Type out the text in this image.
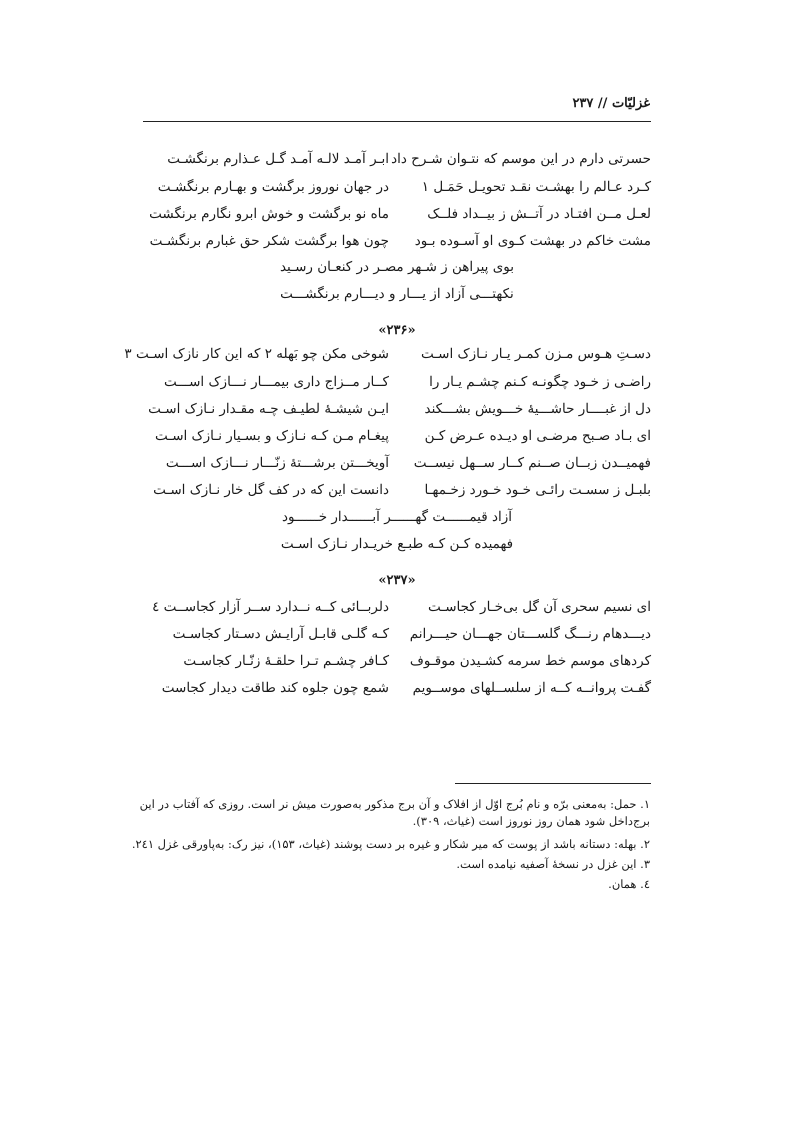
غزلیّات // ۲۳۷
حسرتی دارم در این موسم که نتـوان شـرح داد
ابـر آمـد لالـه آمـد گـل عـذارم برنگشـت
کـرد عـالم را بهشـت نقـد تحویـل حَمَـل ۱
در جهان نوروز برگشت و بهـارم برنگشـت
لعـل مــن افتـاد در آتــش ز بیــداد فلــک
ماه نو برگشت و خوش ابرو نگارم برنگشت
مشت خاکم در بهشت کـوی او آسـوده بـود
چون هوا برگشت شکر حق غبارم برنگشـت
بوی پیراهن ز شـهر مصـر در کنعـان رسـید
نکهتـــی آزاد از یـــار و دیـــارم برنگشـــت
«۲۳۶»
دسـتِ هـوس مـزن کمـر یـار نـازک اسـت
شوخی مکن چو بَهله ۲ که این کار نازک اسـت ۳
راضـی ز خـود چگونـه کـنم چشـم یـار را
کــار مــزاج داری بیمـــار نـــازک اســـت
دل از غبــــار حاشـــیهٔ خـــویش بشـــکند
ایـن شیشـهٔ لطیـف چـه مقـدار نـازک اسـت
ای بـاد صـبح مرضـی او دیـده عـرض کـن
پیغـام مـن کـه نـازک و بسـیار نـازک اسـت
فهمیــدن زبــان صــنم کــار ســهل نیســت
آویخـــتن برشـــتهٔ زنّـــار نـــازک اســـت
بلبـل ز سسـت رائـی خـود خـورد زخـمهـا
دانست این که در کف گل خار نـازک اسـت
آزاد قیمــــــت گهــــــر آبــــــدار خــــــود
فهمیده کـن کـه طبـع خریـدار نـازک اسـت
«۲۳۷»
ای نسیم سحری آن گل بی‌خـار کجاسـت
دلربــائی کــه نــدارد ســر آزار کجاســت ٤
دیـــدهام رنـــگ گلســـتان جهـــان حیـــرانم
کـه گلـی قابـل آرایـش دسـتار کجاسـت
کردهای موسم خط سرمه کشـیدن موقـوف
کـافر چشـم تـرا حلقـهٔ زنّـار کجاسـت
گفـت پروانــه کــه از سلســلهای موســویم
شمع چون جلوه کند طاقت دیدار کجاست
۱. حمل: به‌معنی برّه و نام بُرج اوّل از افلاک و آن برج مذکور به‌صورت میش نر است. روزی که آفتاب در این برج
داخل شود همان روز نوروز است (غیاث، ۳۰۹).
۲. بهله: دستانه باشد از پوست که میر شکار و غیره بر دست پوشند (غیاث، ۱۵۳)، نیز رک: به‌پاورقی غزل ۲٤۱.
۳. این غزل در نسخهٔ آصفیه نیامده است.
٤. همان.
